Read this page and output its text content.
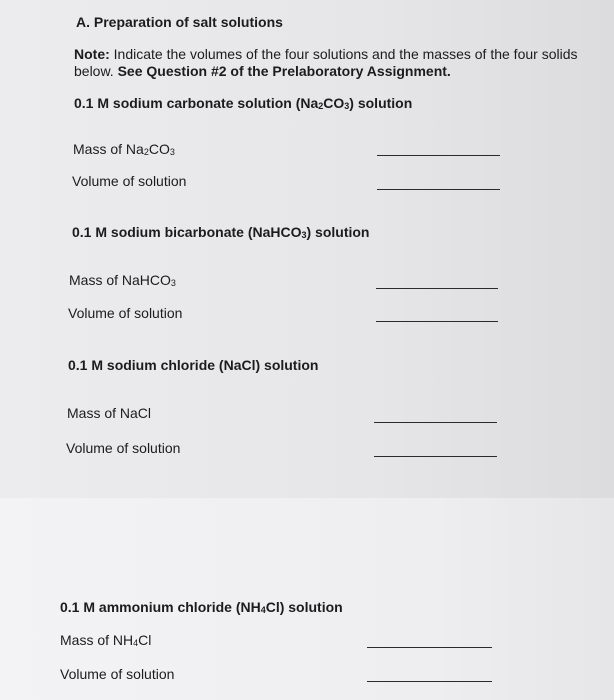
A. Preparation of salt solutions
Note: Indicate the volumes of the four solutions and the masses of the four solids
below. See Question #2 of the Prelaboratory Assignment.
0.1 M sodium carbonate solution $(Na_2CO_3)$ solution
Mass of $Na_2CO_3$
Volume of solution
0.1 M sodium bicarbonate (NaHCO$_3$) solution
Mass of NaHCO$_3$
Volume of solution
0.1 M sodium chloride (NaCl) solution
Mass of NaCl
Volume of solution
0.1 M ammonium chloride $(NH_4Cl)$ solution
Mass of $NH_4Cl$
Volume of solution
